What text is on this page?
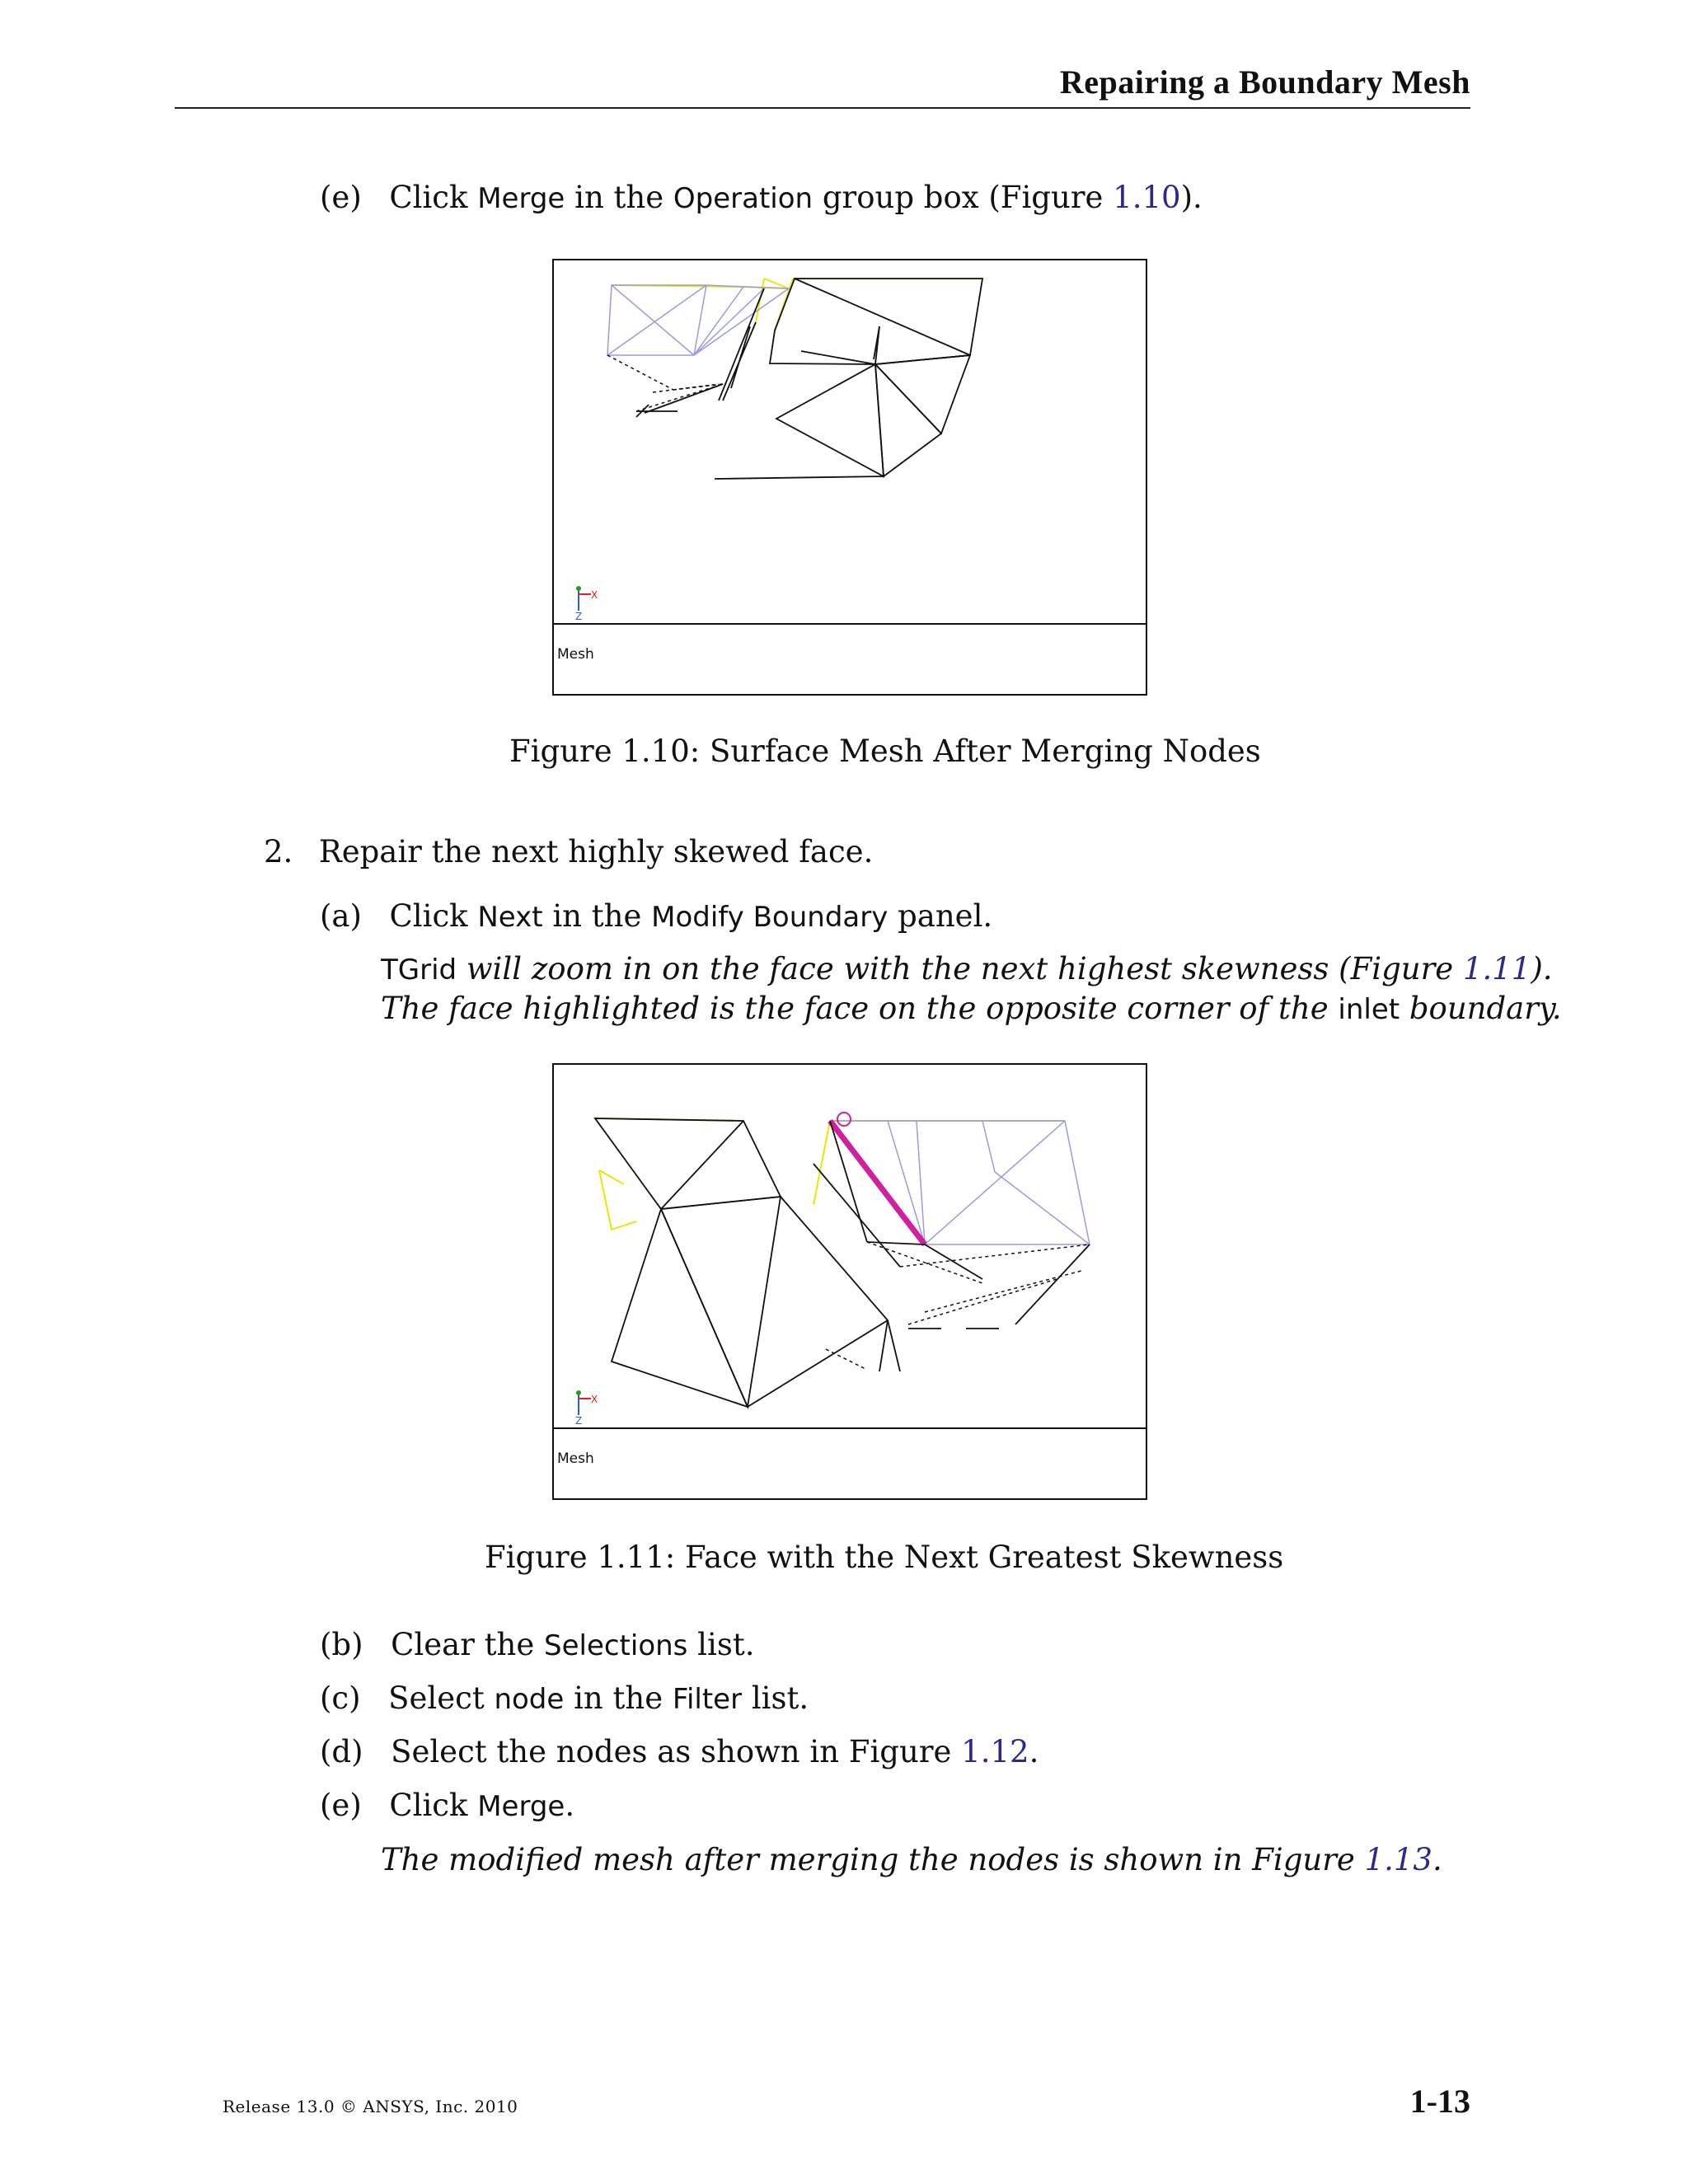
Repairing a Boundary Mesh
(e) Click Merge in the Operation group box (Figure 1.10).
X
Z
Mesh
Figure 1.10: Surface Mesh After Merging Nodes
2. Repair the next highly skewed face.
(a) Click Next in the Modify Boundary panel.
TGrid will zoom in on the face with the next highest skewness (Figure 1.11).
The face highlighted is the face on the opposite corner of the inlet boundary.
X
Z
Mesh
Figure 1.11: Face with the Next Greatest Skewness
(b) Clear the Selections list.
(c) Select node in the Filter list.
(d) Select the nodes as shown in Figure 1.12.
(e) Click Merge.
The modified mesh after merging the nodes is shown in Figure 1.13.
Release 13.0 © ANSYS, Inc. 2010	1-13
